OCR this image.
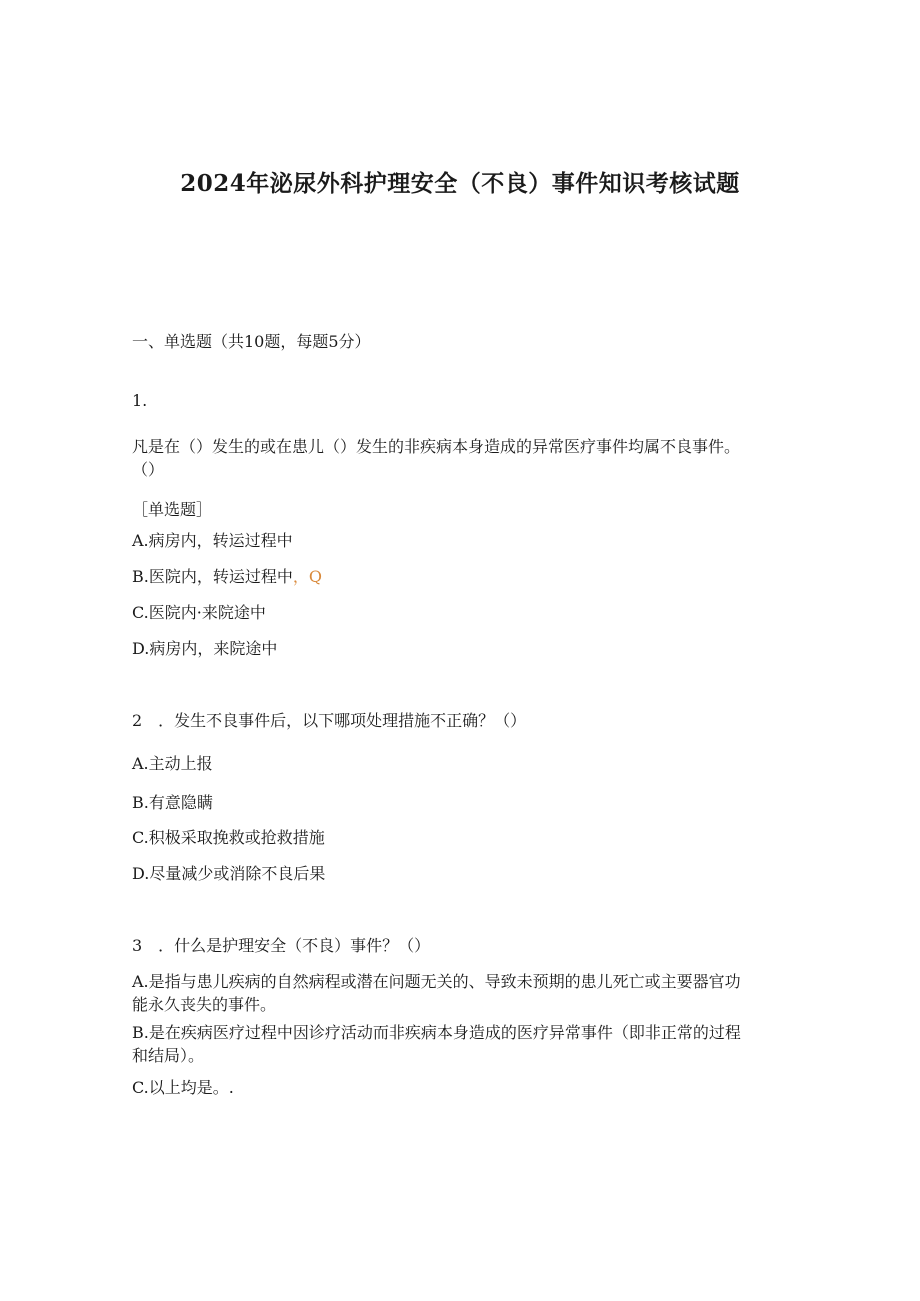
2024年泌尿外科护理安全（不良）事件知识考核试题
一、单选题（共10题，每题5分）
1.
凡是在（）发生的或在患儿（）发生的非疾病本身造成的异常医疗事件均属不良事件。
（）
［单选题］
A.病房内，转运过程中
B.医院内，转运过程中，Q
C.医院内·来院途中
D.病房内，来院途中
2　．发生不良事件后，以下哪项处理措施不正确？（）
A.主动上报
B.有意隐瞒
C.积极采取挽救或抢救措施
D.尽量减少或消除不良后果
3　．什么是护理安全（不良）事件？（）
A.是指与患儿疾病的自然病程或潜在问题无关的、导致未预期的患儿死亡或主要器官功
能永久丧失的事件。
B.是在疾病医疗过程中因诊疗活动而非疾病本身造成的医疗异常事件（即非正常的过程
和结局）。
C.以上均是。.
